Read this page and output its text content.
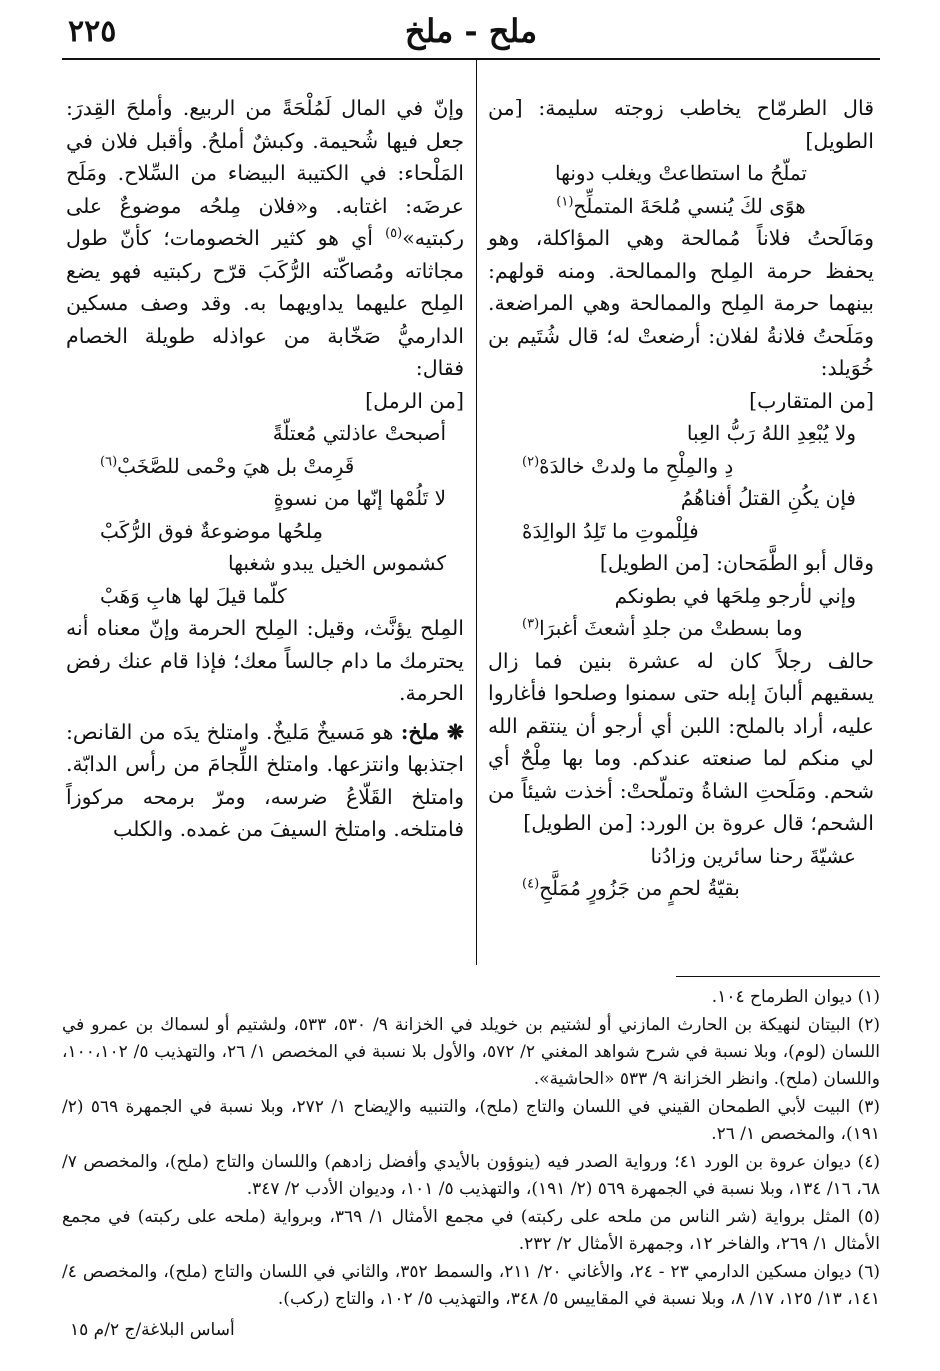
٢٢٥	ملح - ملخ

قال الطرمّاح يخاطب زوجته سليمة: [من الطويل]

تملّحُ ما استطاعتْ ويغلب دونها
هوًى لكَ يُنسي مُلحَةَ المتملِّح$^{(١)}$

ومَالَحتُ فلاناً مُمالحة وهي المؤاكلة، وهو يحفظ حرمة المِلح والممالحة. ومنه قولهم: بينهما حرمة المِلح والممالحة وهي المراضعة. ومَلَحتُ فلانةُ لفلان: أرضعتْ له؛ قال شُتَيم بن خُوَيلد:

[من المتقارب]

ولا يُبْعِدِ اللهُ رَبُّ العِبا
دِ والمِلْحِ ما ولدتْ خالدَهْ$^{(٢)}$
فإن يكُنِ القتلُ أفناهُمُ
فلِلْموتِ ما تَلِدُ الوالِدَهْ

وقال أبو الطَّمَحان: [من الطويل]

وإني لأرجو مِلحَها في بطونكم
وما بسطتْ من جلدِ أشعثَ أغبرَا$^{(٣)}$

حالف رجلاً كان له عشرة بنين فما زال يسقيهم ألبانَ إبله حتى سمنوا وصلحوا فأغاروا عليه، أراد بالملح: اللبن أي أرجو أن ينتقم الله لي منكم لما صنعته عندكم. وما بها مِلْحٌ أي شحم. ومَلَحتِ الشاةُ وتملّحتْ: أخذت شيئاً من الشحم؛ قال عروة بن الورد: [من الطويل]

عشيّةَ رحنا سائرين وزادُنا
بقيّةُ لحمٍ من جَزُورٍ مُمَلَّحِ$^{(٤)}$

وإنّ في المال لَمُلْحَةً من الربيع. وأملحَ القِدرَ: جعل فيها شُحيمة. وكبشٌ أملحُ. وأقبل فلان في المَلْحاء: في الكتيبة البيضاء من السِّلاح. ومَلَح عرضَه: اغتابه. و«فلان مِلحُه موضوعٌ على ركبتيه»$^{(٥)}$ أي هو كثير الخصومات؛ كأنّ طول مجاثاته ومُصاكّته الرُّكَبَ قرّح ركبتيه فهو يضع المِلح عليهما يداويهما به. وقد وصف مسكين الدارميُّ صَخّابة من عواذله طويلة الخصام فقال:

[من الرمل]

أصبحتْ عاذلتي مُعتلّةً
قَرِمتْ بل هيَ وحْمى للصَّخَبْ$^{(٦)}$
لا تَلُمْها إنّها من نسوةٍ
مِلحُها موضوعةٌ فوق الرُّكَبْ
كشموس الخيل يبدو شغبها
كلّما قيلَ لها هابِ وَهَبْ

المِلح يؤنَّث، وقيل: المِلح الحرمة وإنّ معناه أنه يحترمك ما دام جالساً معك؛ فإذا قام عنك رفض الحرمة.

❋ ملخ: هو مَسيخٌ مَليخٌ. وامتلخ يدَه من القانص: اجتذبها وانتزعها. وامتلخ اللِّجامَ من رأس الدابّة. وامتلخ القَلّاعُ ضرسه، ومرّ برمحه مركوزاً فامتلخه. وامتلخ السيفَ من غمده. والكلب

(١) ديوان الطرماح ١٠٤.

(٢) البيتان لنهيكة بن الحارث المازني أو لشتيم بن خويلد في الخزانة ٩/ ٥٣٠، ٥٣٣، ولشتيم أو لسماك بن عمرو في اللسان (لوم)، وبلا نسبة في شرح شواهد المغني ٢/ ٥٧٢، والأول بلا نسبة في المخصص ١/ ٢٦، والتهذيب ٥/ ١٠٠،١٠٢، واللسان (ملح). وانظر الخزانة ٩/ ٥٣٣ «الحاشية».

(٣) البيت لأبي الطمحان القيني في اللسان والتاج (ملح)، والتنبيه والإيضاح ١/ ٢٧٢، وبلا نسبة في الجمهرة ٥٦٩ (٢/ ١٩١)، والمخصص ١/ ٢٦.

(٤) ديوان عروة بن الورد ٤١؛ ورواية الصدر فيه (ينوؤون بالأيدي وأفضل زادهم) واللسان والتاج (ملح)، والمخصص ٧/ ٦٨، ١٦/ ١٣٤، وبلا نسبة في الجمهرة ٥٦٩ (٢/ ١٩١)، والتهذيب ٥/ ١٠١، وديوان الأدب ٢/ ٣٤٧.

(٥) المثل برواية (شر الناس من ملحه على ركبته) في مجمع الأمثال ١/ ٣٦٩، وبرواية (ملحه على ركبته) في مجمع الأمثال ١/ ٢٦٩، والفاخر ١٢، وجمهرة الأمثال ٢/ ٢٣٢.

(٦) ديوان مسكين الدارمي ٢٣ - ٢٤، والأغاني ٢٠/ ٢١١، والسمط ٣٥٢، والثاني في اللسان والتاج (ملح)، والمخصص ٤/ ١٤١، ١٣/ ١٢٥، ١٧/ ٨، وبلا نسبة في المقاييس ٥/ ٣٤٨، والتهذيب ٥/ ١٠٢، والتاج (ركب).

أساس البلاغة/ج ٢/م ١٥
